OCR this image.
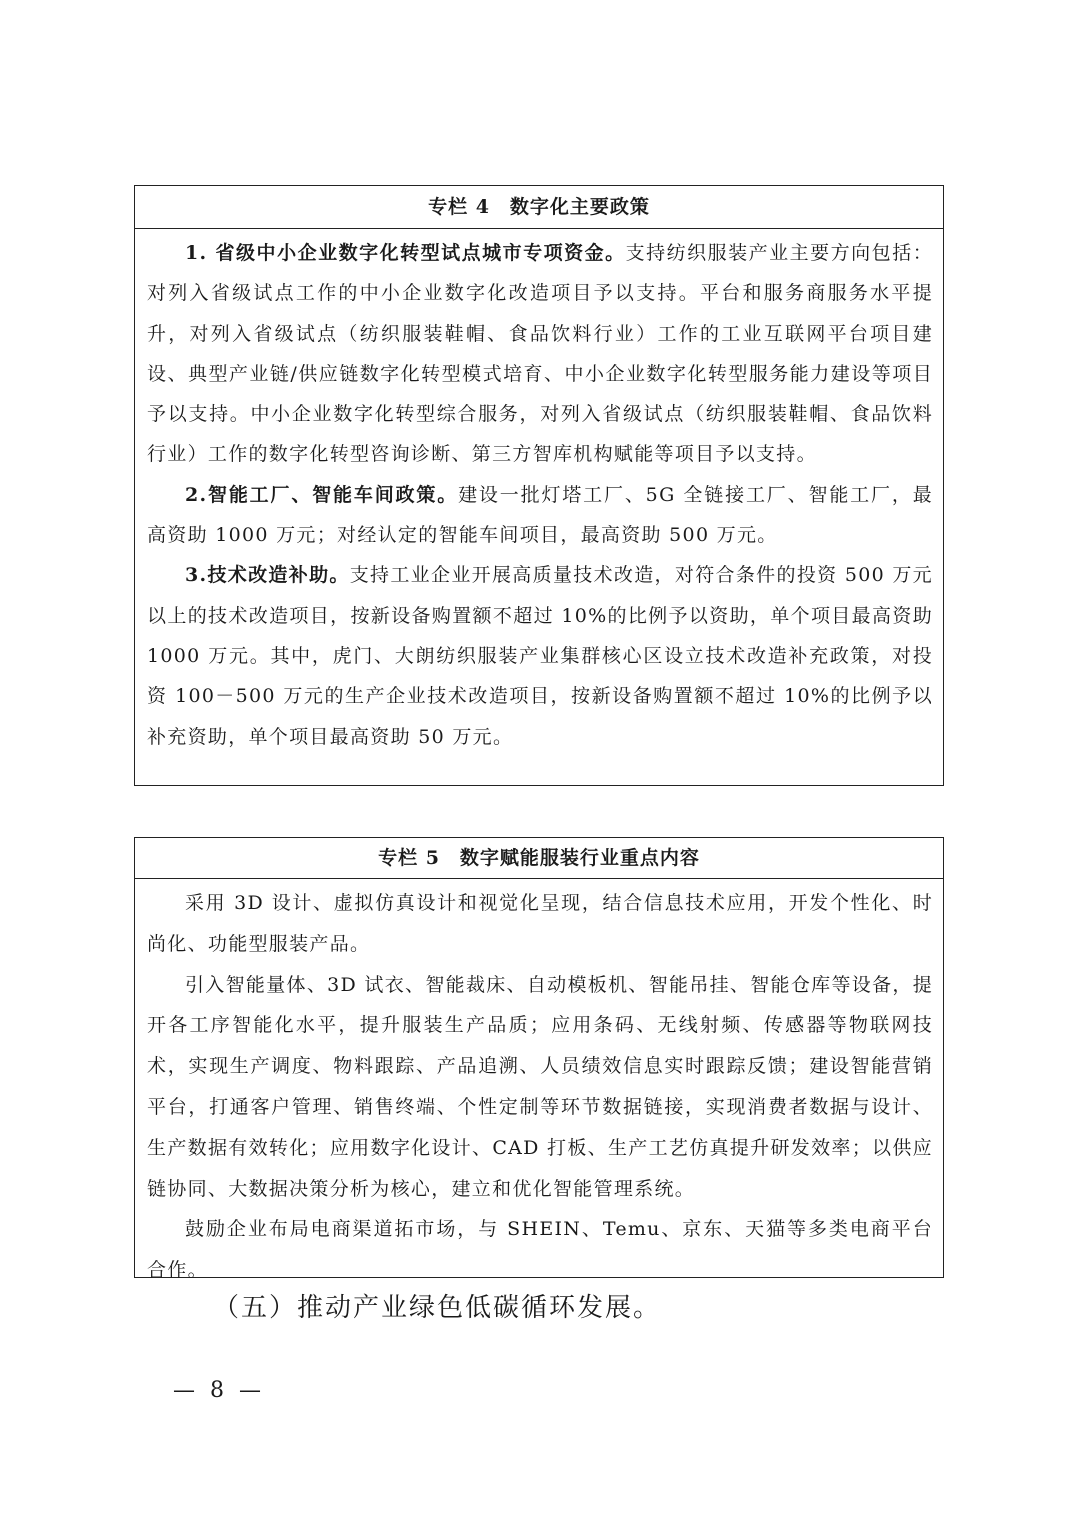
专栏 4　数字化主要政策

1. 省级中小企业数字化转型试点城市专项资金。支持纺织服装产业主要方向包括：对列入省级试点工作的中小企业数字化改造项目予以支持。平台和服务商服务水平提升，对列入省级试点（纺织服装鞋帽、食品饮料行业）工作的工业互联网平台项目建设、典型产业链/供应链数字化转型模式培育、中小企业数字化转型服务能力建设等项目予以支持。中小企业数字化转型综合服务，对列入省级试点（纺织服装鞋帽、食品饮料行业）工作的数字化转型咨询诊断、第三方智库机构赋能等项目予以支持。

2.智能工厂、智能车间政策。建设一批灯塔工厂、5G 全链接工厂、智能工厂，最高资助 1000 万元；对经认定的智能车间项目，最高资助 500 万元。

3.技术改造补助。支持工业企业开展高质量技术改造，对符合条件的投资 500 万元以上的技术改造项目，按新设备购置额不超过 10%的比例予以资助，单个项目最高资助 1000 万元。其中，虎门、大朗纺织服装产业集群核心区设立技术改造补充政策，对投资 100－500 万元的生产企业技术改造项目，按新设备购置额不超过 10%的比例予以补充资助，单个项目最高资助 50 万元。

专栏 5　数字赋能服装行业重点内容

采用 3D 设计、虚拟仿真设计和视觉化呈现，结合信息技术应用，开发个性化、时尚化、功能型服装产品。

引入智能量体、3D 试衣、智能裁床、自动模板机、智能吊挂、智能仓库等设备，提开各工序智能化水平，提升服装生产品质；应用条码、无线射频、传感器等物联网技术，实现生产调度、物料跟踪、产品追溯、人员绩效信息实时跟踪反馈；建设智能营销平台，打通客户管理、销售终端、个性定制等环节数据链接，实现消费者数据与设计、生产数据有效转化；应用数字化设计、CAD 打板、生产工艺仿真提升研发效率；以供应链协同、大数据决策分析为核心，建立和优化智能管理系统。

鼓励企业布局电商渠道拓市场，与 SHEIN、Temu、京东、天猫等多类电商平台合作。

（五）推动产业绿色低碳循环发展。
— 8 —
